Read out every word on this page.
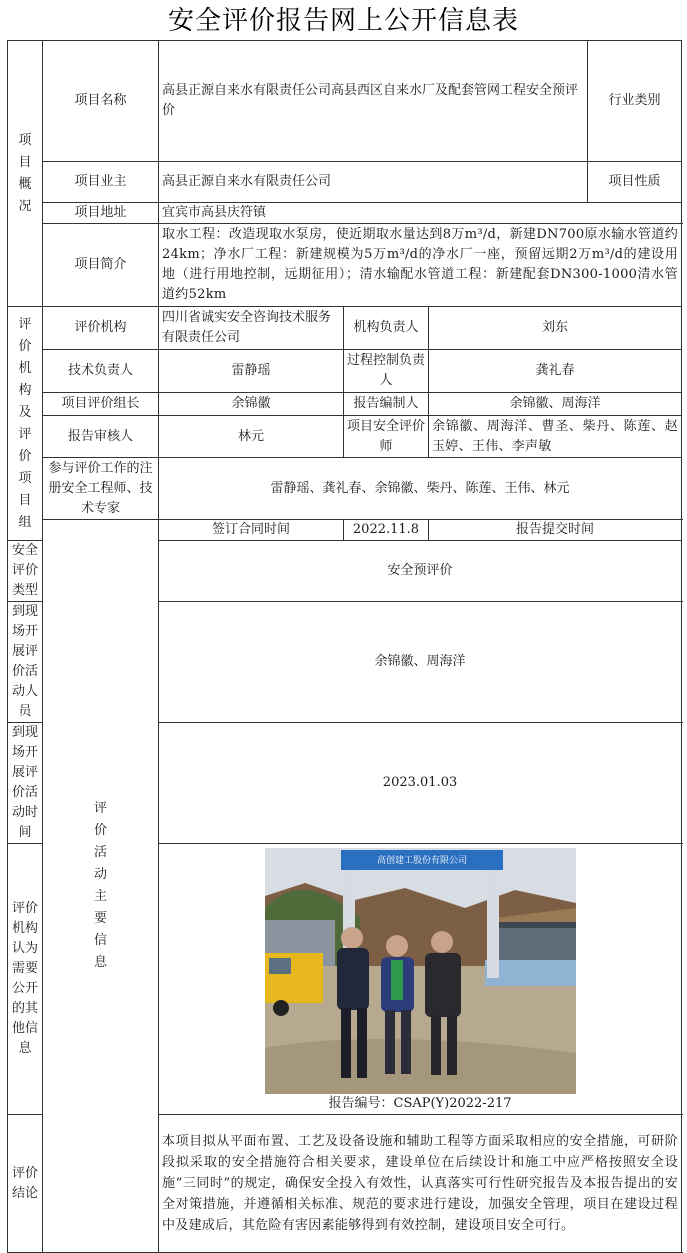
安全评价报告网上公开信息表
项目概况	项目名称	高县正源自来水有限责任公司高县西区自来水厂及配套管网工程安全预评价			行业类别	
	项目业主	高县正源自来水有限责任公司			项目性质	
	项目地址	宜宾市高县庆符镇				
	项目简介	取水工程：改造现取水泵房，使近期取水量达到8万m³/d，新建DN700原水输水管道约24km；净水厂工程：新建规模为5万m³/d的净水厂一座，预留远期2万m³/d的建设用地（进行用地控制，远期征用）；清水输配水管道工程：新建配套DN300-1000清水管道约52km				
评价机构及评价项目组	评价机构	四川省诚实安全咨询技术服务有限责任公司	机构负责人	刘东		
	技术负责人	雷静瑶	过程控制负责人	龚礼春		
	项目评价组长	余锦徽	报告编制人	余锦徽、周海洋		
	报告审核人	林元	项目安全评价师	余锦徽、周海洋、曹圣、柴丹、陈莲、赵玉婷、王伟、李声敏		
	参与评价工作的注册安全工程师、技术专家	雷静瑶、龚礼春、余锦徽、柴丹、陈莲、王伟、林元				
	评价活动主要信息	签订合同时间	2022.11.8	报告提交时间	
安全评价类型		安全预评价				
到现场开展评价活动人员		余锦徽、周海洋				
到现场开展评价活动时间		2023.01.03				
评价机构认为需要公开的其他信息		高创建工股份有限公司
报告编号：CSAP(Y)2022-217				

评价结论		本项目拟从平面布置、工艺及设备设施和辅助工程等方面采取相应的安全措施，可研阶段拟采取的安全措施符合相关要求，建设单位在后续设计和施工中应严格按照安全设施“三同时”的规定，确保安全投入有效性，认真落实可行性研究报告及本报告提出的安全对策措施，并遵循相关标准、规范的要求进行建设，加强安全管理，项目在建设过程中及建成后，其危险有害因素能够得到有效控制，建设项目安全可行。				
